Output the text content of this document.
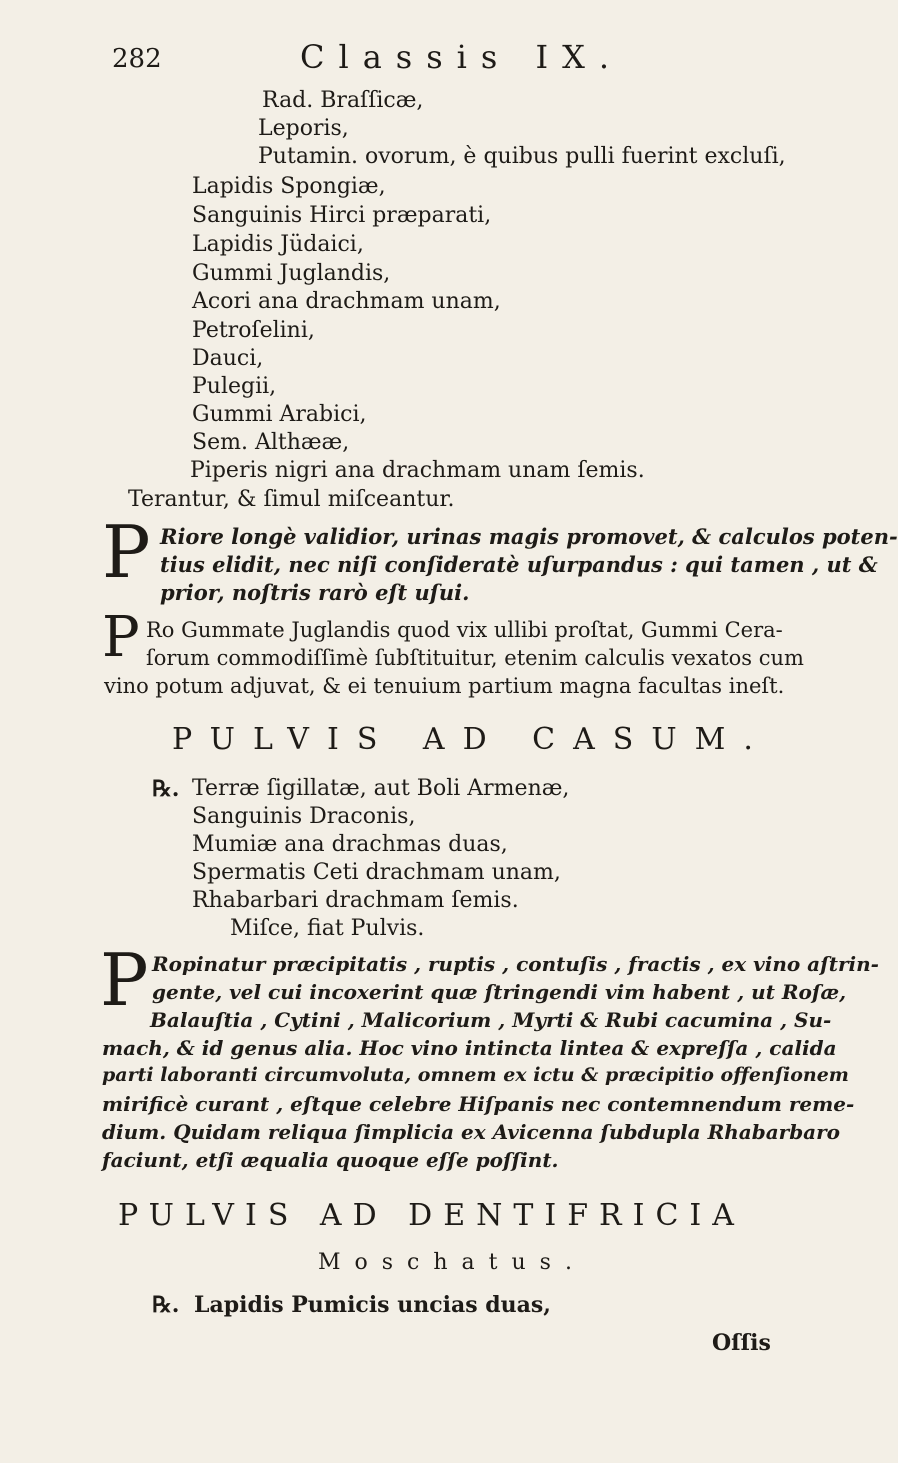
282	Classis IX.
Rad. Braſſicæ,
Leporis,
Putamin. ovorum, è quibus pulli fuerint excluſi,
Lapidis Spongiæ,
Sanguinis Hirci præparati,
Lapidis Jüdaici,
Gummi Juglandis,
Acori ana drachmam unam,
Petroſelini,
Dauci,
Pulegii,
Gummi Arabici,
Sem. Althææ,
Piperis nigri ana drachmam unam ſemis.
Terantur, & ſimul miſceantur.
P Riore longè validior, urinas magis promovet, & calculos poten-
tius elidit, nec niſi conſideratè uſurpandus : qui tamen , ut &
prior, noſtris rarò eſt uſui.
P Ro Gummate Juglandis quod vix ullibi proſtat, Gummi Cera-
ſorum commodiſſimè ſubſtituitur, etenim calculis vexatos cum
vino potum adjuvat, & ei tenuium partium magna facultas ineſt.
PULVIS AD CASUM.
℞. Terræ ſigillatæ, aut Boli Armenæ,
Sanguinis Draconis,
Mumiæ ana drachmas duas,
Spermatis Ceti drachmam unam,
Rhabarbari drachmam ſemis.
Miſce, fiat Pulvis.
P Ropinatur præcipitatis , ruptis , contuſis , fractis , ex vino aſtrin-
gente, vel cui incoxerint quæ ſtringendi vim habent , ut Roſæ,
Balauſtia , Cytini , Malicorium , Myrti & Rubi cacumina , Su-
mach, & id genus alia. Hoc vino intincta lintea & expreſſa , calida
parti laboranti circumvoluta, omnem ex ictu & præcipitio offenſionem
mirificè curant , eſtque celebre Hiſpanis nec contemnendum reme-
dium. Quidam reliqua ſimplicia ex Avicenna ſubdupla Rhabarbaro
faciunt, etſi æqualia quoque eſſe poſſint.
PULVIS AD DENTIFRICIA
Moschatus.
℞. Lapidis Pumicis uncias duas,
Oſſis
